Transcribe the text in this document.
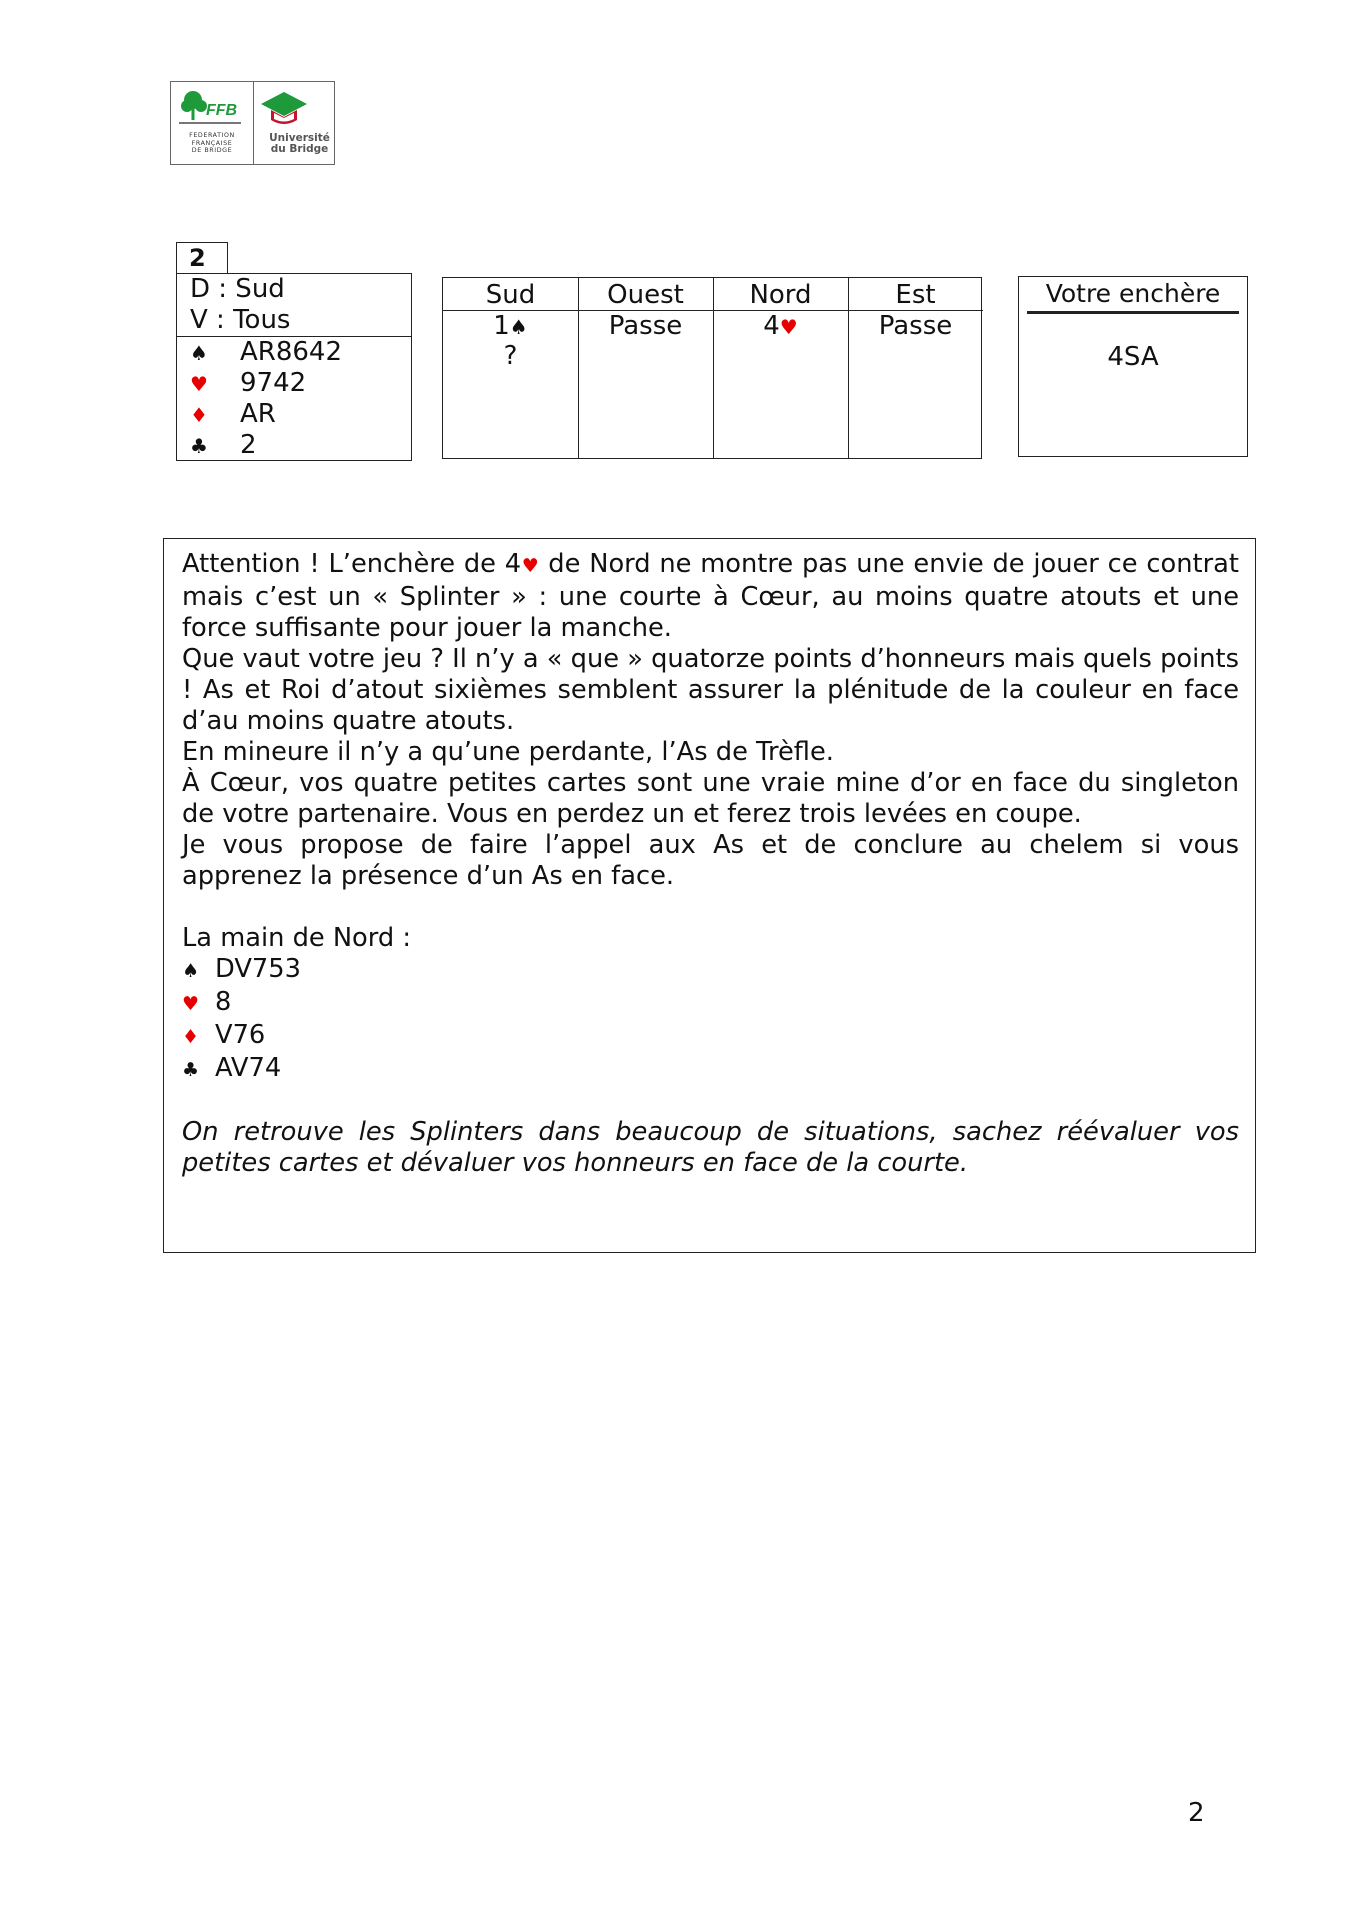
FFB
FEDERATION
FRANÇAISE
DE BRIDGE
Université
du Bridge
2
D : Sud
V : Tous
♠ AR8642
♥ 9742
♦ AR
♣ 2
Sud
1♠
?
Ouest
Passe
Nord
4♥
Est
Passe
Votre enchère
4SA

Attention ! L’enchère de 4♥ de Nord ne montre pas une envie de jouer ce contrat mais c’est un « Splinter » : une courte à Cœur, au moins quatre atouts et une force suffisante pour jouer la manche.

Que vaut votre jeu ? Il n’y a « que » quatorze points d’honneurs mais quels points ! As et Roi d’atout sixièmes semblent assurer la plénitude de la couleur en face d’au moins quatre atouts.

En mineure il n’y a qu’une perdante, l’As de Trèfle.

À Cœur, vos quatre petites cartes sont une vraie mine d’or en face du singleton de votre partenaire. Vous en perdez un et ferez trois levées en coupe.

Je vous propose de faire l’appel aux As et de conclure au chelem si vous apprenez la présence d’un As en face.

La main de Nord :

♠ DV753

♥ 8

♦ V76

♣ AV74

On retrouve les Splinters dans beaucoup de situations, sachez réévaluer vos petites cartes et dévaluer vos honneurs en face de la courte.

2
